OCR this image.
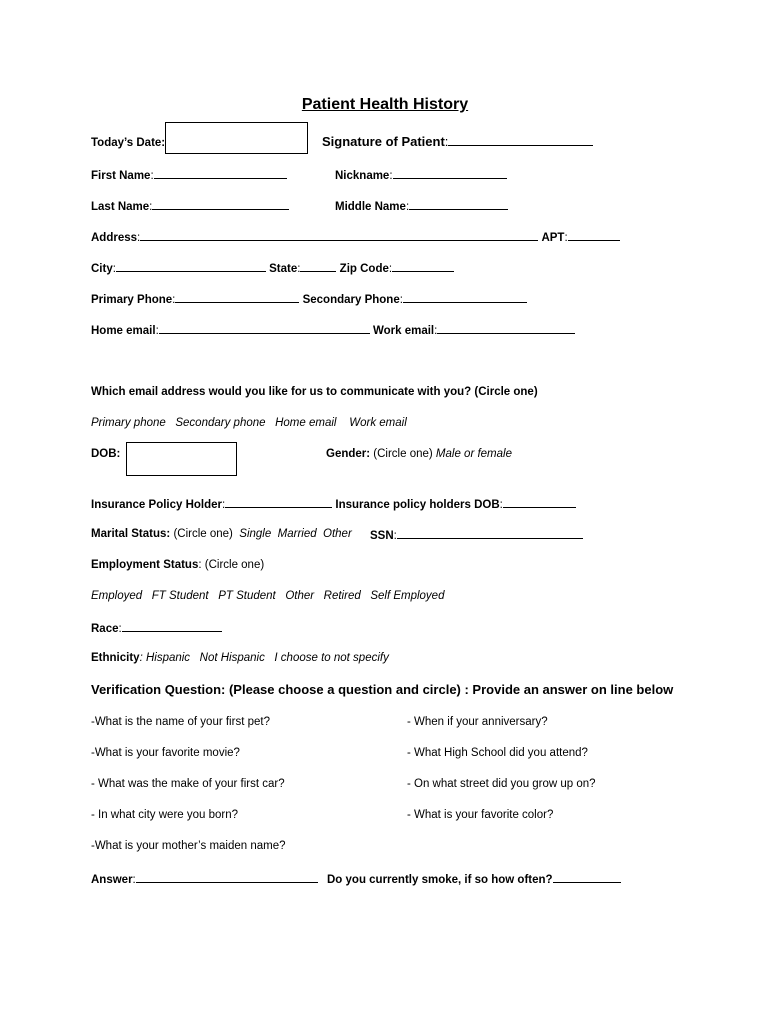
Patient Health History
Today’s Date:	Signature of Patient:
First Name:	Nickname:
Last Name:	Middle Name:
Address:	APT:
City:	State:	Zip Code:
Primary Phone:	Secondary Phone:
Home email:	Work email:
Which email address would you like for us to communicate with you? (Circle one)
Primary phone   Secondary phone   Home email    Work email
DOB:	Gender: (Circle one) Male or female
Insurance Policy Holder:	Insurance policy holders DOB:
Marital Status: (Circle one)  Single  Married  Other SSN:
Employment Status: (Circle one)
Employed   FT Student   PT Student   Other   Retired   Self Employed
Race:
Ethnicity: Hispanic   Not Hispanic   I choose to not specify
Verification Question: (Please choose a question and circle) : Provide an answer on line below
-What is the name of your first pet?	- When if your anniversary?
-What is your favorite movie?	- What High School did you attend?
- What was the make of your first car?	- On what street did you grow up on?
- In what city were you born?	- What is your favorite color?
-What is your mother’s maiden name?
Answer:	Do you currently smoke, if so how often?
